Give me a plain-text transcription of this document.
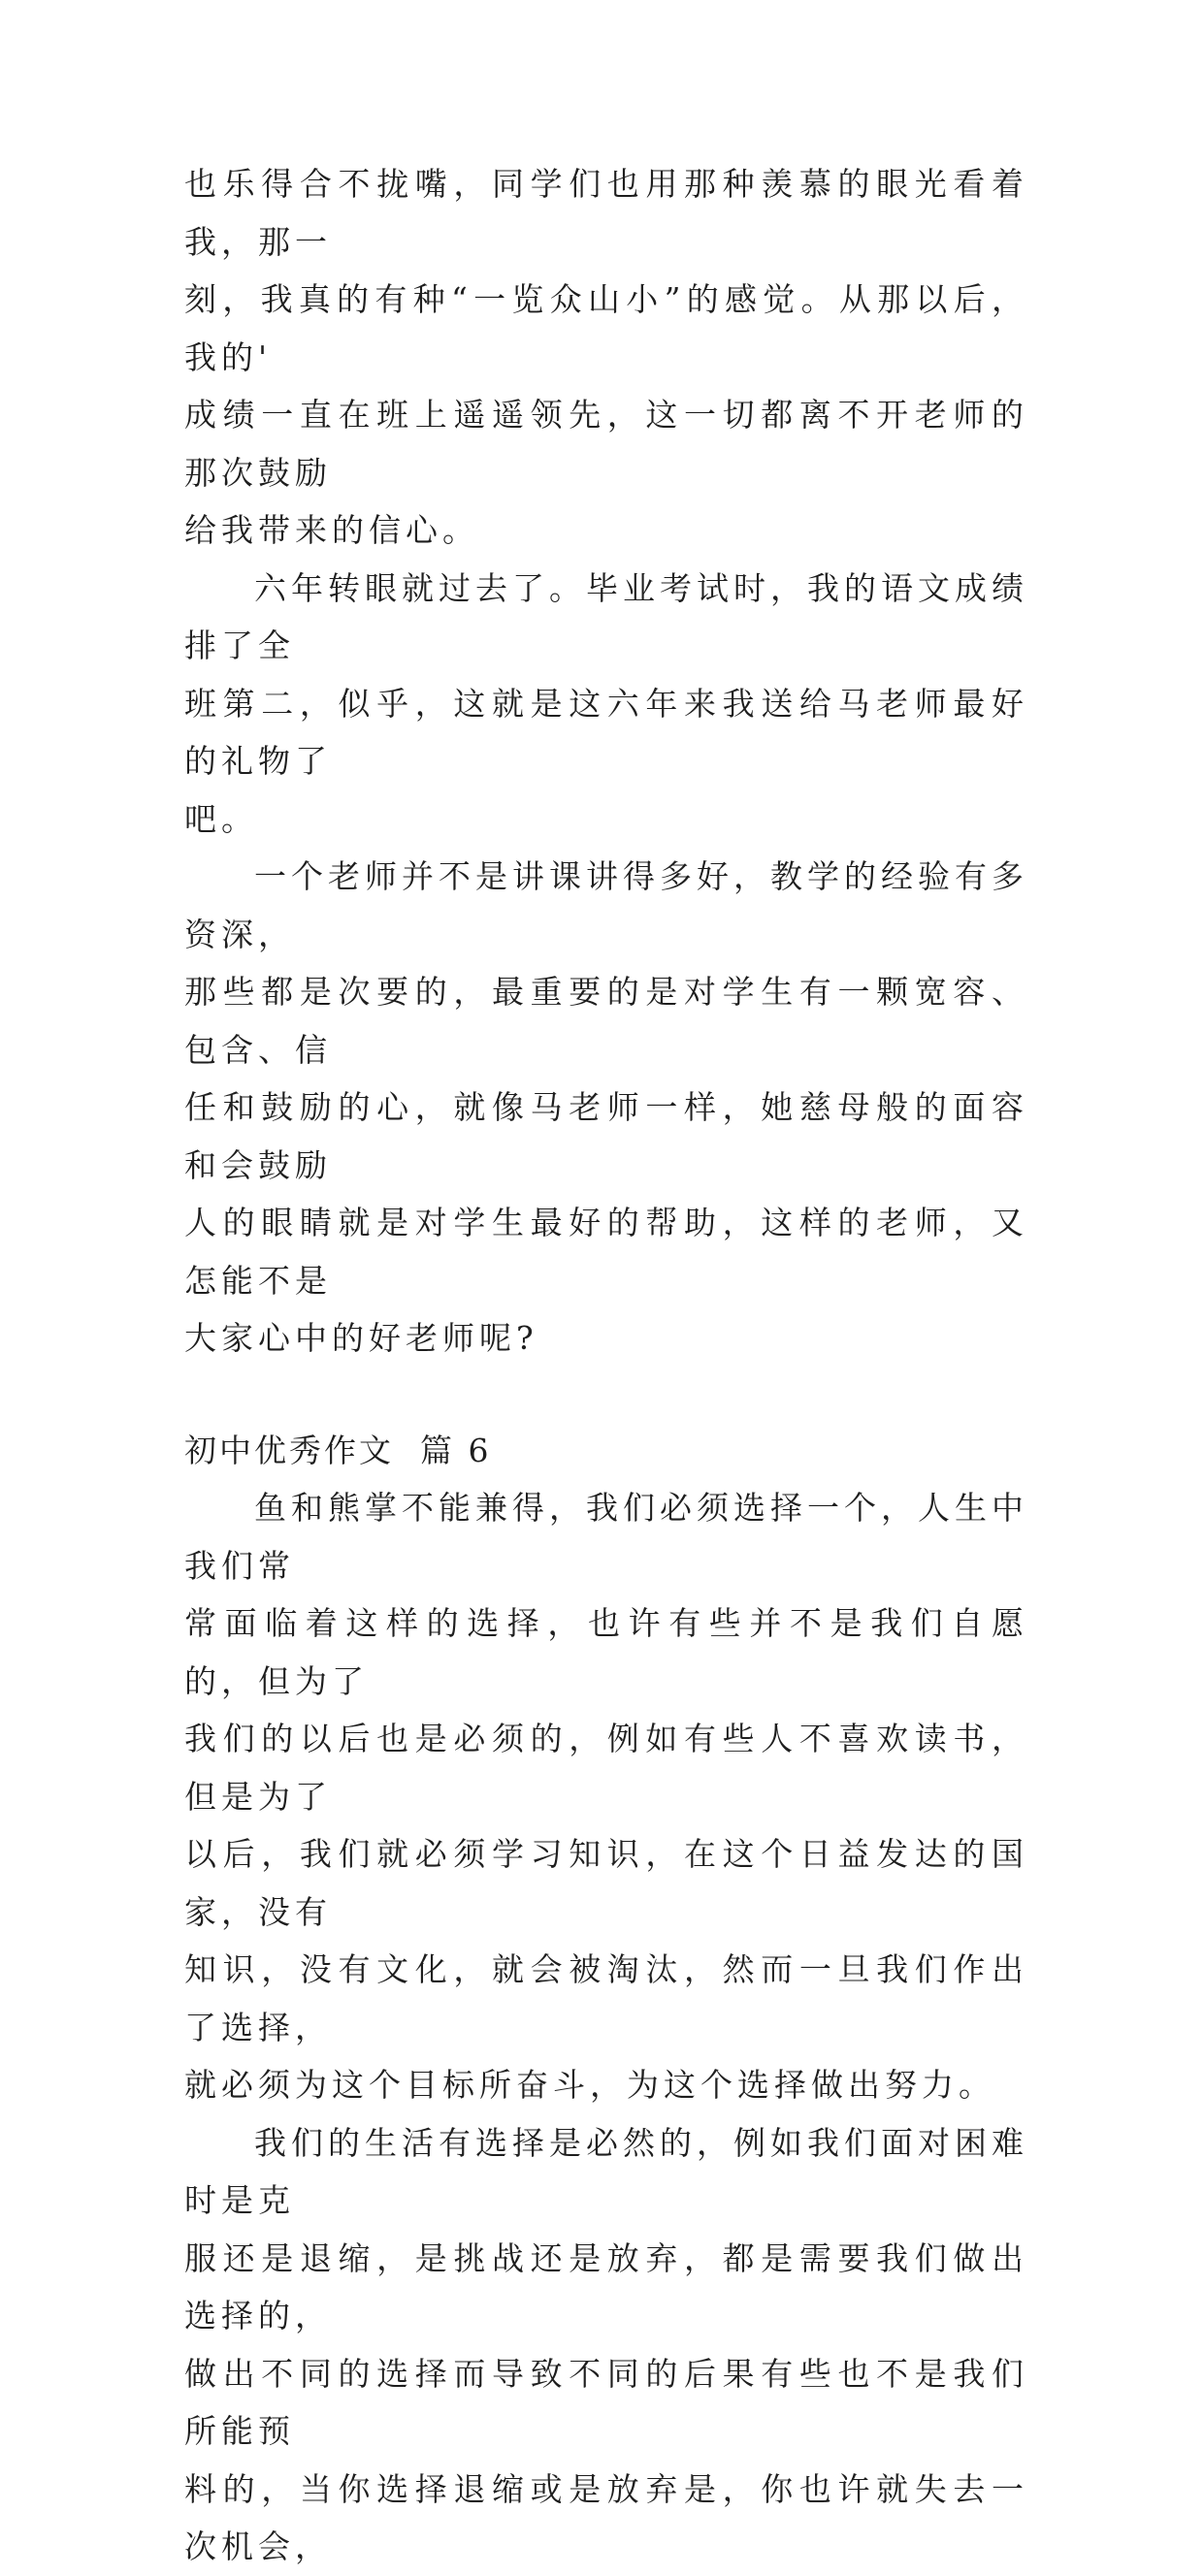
也乐得合不拢嘴，同学们也用那种羡慕的眼光看着我，那一
刻，我真的有种“一览众山小”的感觉。从那以后，我的'
成绩一直在班上遥遥领先，这一切都离不开老师的那次鼓励
给我带来的信心。

六年转眼就过去了。毕业考试时，我的语文成绩排了全
班第二，似乎，这就是这六年来我送给马老师最好的礼物了
吧。

一个老师并不是讲课讲得多好，教学的经验有多资深，
那些都是次要的，最重要的是对学生有一颗宽容、包含、信
任和鼓励的心，就像马老师一样，她慈母般的面容和会鼓励
人的眼睛就是对学生最好的帮助，这样的老师，又怎能不是
大家心中的好老师呢?

初中优秀作文  篇 6

鱼和熊掌不能兼得，我们必须选择一个，人生中我们常
常面临着这样的选择，也许有些并不是我们自愿的，但为了
我们的以后也是必须的，例如有些人不喜欢读书，但是为了
以后，我们就必须学习知识，在这个日益发达的国家，没有
知识，没有文化，就会被淘汰，然而一旦我们作出了选择，
就必须为这个目标所奋斗，为这个选择做出努力。

我们的生活有选择是必然的，例如我们面对困难时是克
服还是退缩，是挑战还是放弃，都是需要我们做出选择的，
做出不同的选择而导致不同的后果有些也不是我们所能预
料的，当你选择退缩或是放弃是，你也许就失去一次机会，
